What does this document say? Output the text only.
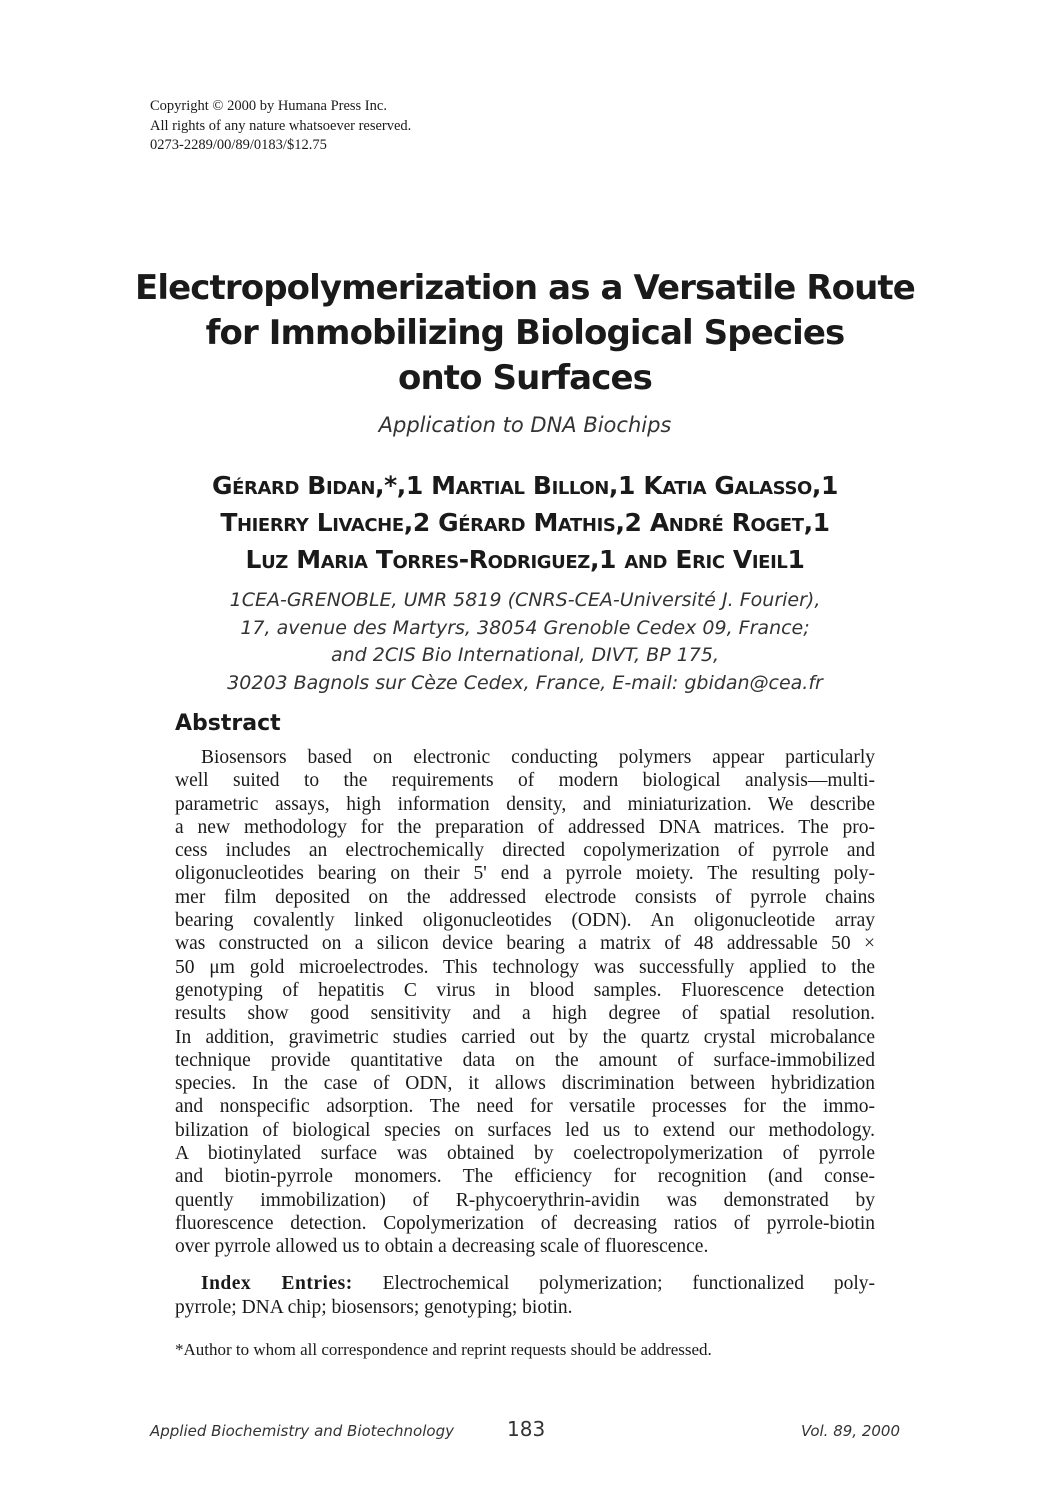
Copyright © 2000 by Humana Press Inc.
All rights of any nature whatsoever reserved.
0273-2289/00/89/0183/$12.75
Electropolymerization as a Versatile Route
for Immobilizing Biological Species
onto Surfaces
Application to DNA Biochips
Gérard Bidan,*,1 Martial Billon,1 Katia Galasso,1
Thierry Livache,2 Gérard Mathis,2 André Roget,1
Luz Maria Torres-Rodriguez,1 and Eric Vieil1
1CEA-GRENOBLE, UMR 5819 (CNRS-CEA-Université J. Fourier),
17, avenue des Martyrs, 38054 Grenoble Cedex 09, France;
and 2CIS Bio International, DIVT, BP 175,
30203 Bagnols sur Cèze Cedex, France, E-mail: gbidan@cea.fr
Abstract
Biosensors based on electronic conducting polymers appear particularly
well suited to the requirements of modern biological analysis—multi-
parametric assays, high information density, and miniaturization. We describe
a new methodology for the preparation of addressed DNA matrices. The pro-
cess includes an electrochemically directed copolymerization of pyrrole and
oligonucleotides bearing on their 5' end a pyrrole moiety. The resulting poly-
mer film deposited on the addressed electrode consists of pyrrole chains
bearing covalently linked oligonucleotides (ODN). An oligonucleotide array
was constructed on a silicon device bearing a matrix of 48 addressable 50 ×
50 μm gold microelectrodes. This technology was successfully applied to the
genotyping of hepatitis C virus in blood samples. Fluorescence detection
results show good sensitivity and a high degree of spatial resolution.
In addition, gravimetric studies carried out by the quartz crystal microbalance
technique provide quantitative data on the amount of surface-immobilized
species. In the case of ODN, it allows discrimination between hybridization
and nonspecific adsorption. The need for versatile processes for the immo-
bilization of biological species on surfaces led us to extend our methodology.
A biotinylated surface was obtained by coelectropolymerization of pyrrole
and biotin-pyrrole monomers. The efficiency for recognition (and conse-
quently immobilization) of R-phycoerythrin-avidin was demonstrated by
fluorescence detection. Copolymerization of decreasing ratios of pyrrole-biotin
over pyrrole allowed us to obtain a decreasing scale of fluorescence.
Index Entries: Electrochemical polymerization; functionalized poly-
pyrrole; DNA chip; biosensors; genotyping; biotin.
*Author to whom all correspondence and reprint requests should be addressed.
Applied Biochemistry and Biotechnology	183	Vol. 89, 2000
